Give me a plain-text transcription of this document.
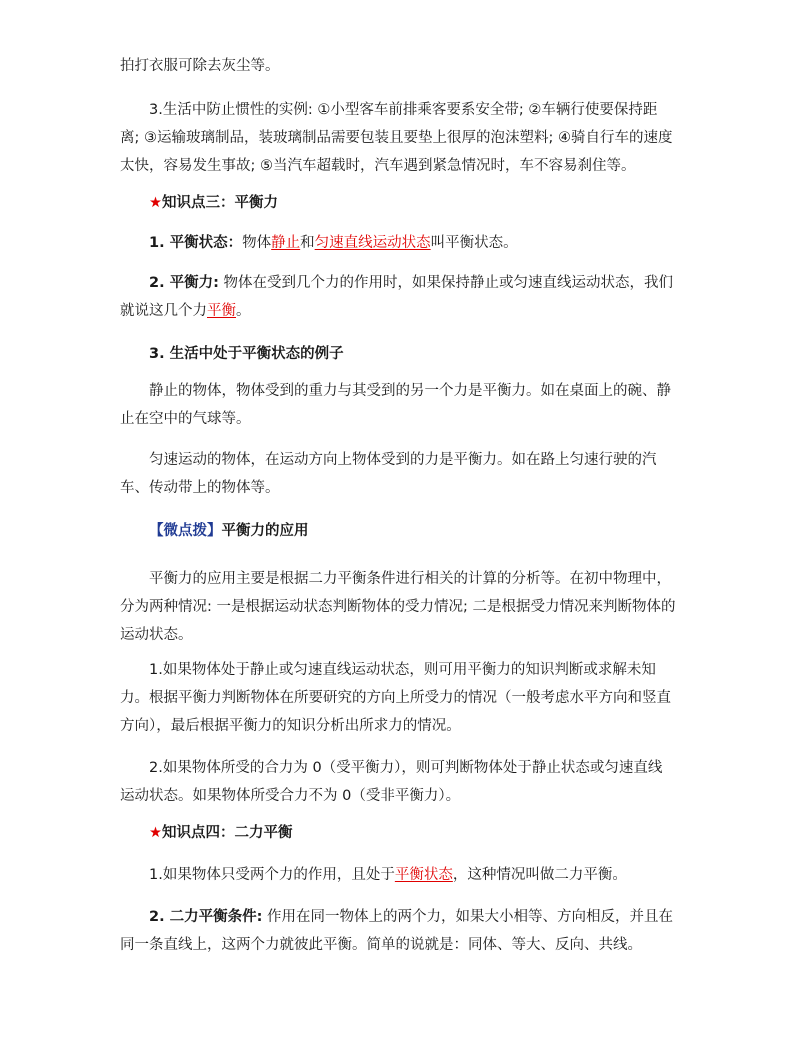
拍打衣服可除去灰尘等。

3.生活中防止惯性的实例: ①小型客车前排乘客要系安全带; ②车辆行使要保持距离; ③运输玻璃制品，装玻璃制品需要包装且要垫上很厚的泡沫塑料; ④骑自行车的速度太快，容易发生事故; ⑤当汽车超载时，汽车遇到紧急情况时，车不容易刹住等。

★知识点三：平衡力

1. 平衡状态：物体静止和匀速直线运动状态叫平衡状态。

2. 平衡力: 物体在受到几个力的作用时，如果保持静止或匀速直线运动状态，我们就说这几个力平衡。

3. 生活中处于平衡状态的例子

静止的物体，物体受到的重力与其受到的另一个力是平衡力。如在桌面上的碗、静止在空中的气球等。

匀速运动的物体，在运动方向上物体受到的力是平衡力。如在路上匀速行驶的汽车、传动带上的物体等。

【微点拨】平衡力的应用

平衡力的应用主要是根据二力平衡条件进行相关的计算的分析等。在初中物理中，分为两种情况: 一是根据运动状态判断物体的受力情况; 二是根据受力情况来判断物体的运动状态。

1.如果物体处于静止或匀速直线运动状态，则可用平衡力的知识判断或求解未知力。根据平衡力判断物体在所要研究的方向上所受力的情况（一般考虑水平方向和竖直方向），最后根据平衡力的知识分析出所求力的情况。

2.如果物体所受的合力为 0（受平衡力），则可判断物体处于静止状态或匀速直线运动状态。如果物体所受合力不为 0（受非平衡力）。

★知识点四：二力平衡

1.如果物体只受两个力的作用，且处于平衡状态，这种情况叫做二力平衡。

2. 二力平衡条件: 作用在同一物体上的两个力，如果大小相等、方向相反，并且在同一条直线上，这两个力就彼此平衡。简单的说就是：同体、等大、反向、共线。
